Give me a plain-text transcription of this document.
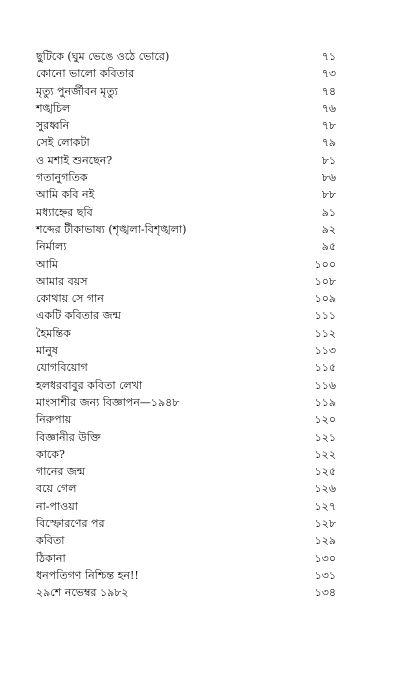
ছুটিকে (ঘুম ভেঙে ওঠে ভোরে)	৭১
কোনো ভালো কবিতার	৭৩
মৃত্যু পুনর্জীবন মৃত্যু	৭৪
শঙ্খচিল	৭৬
সুরধ্বনি	৭৮
সেই লোকটা	৭৯
ও মশাই শুনছেন?	৮১
গতানুগতিক	৮৬
আমি কবি নই	৮৮
মধ্যাহ্নের ছবি	৯১
শব্দের টীকাভাষ্য (শৃঙ্খলা-বিশৃঙ্খলা)	৯২
নির্মাল্য	৯৫
আমি	১০০
আমার বয়স	১০৮
কোথায় সে গান	১০৯
একটি কবিতার জন্ম	১১১
হৈমন্তিক	১১২
মানুষ	১১৩
যোগবিয়োগ	১১৫
হলধরবাবুর কবিতা লেখা	১১৬
মাংসাশীর জন্য বিজ্ঞাপন—১৯৪৮	১১৯
নিরুপায়	১২০
বিজ্ঞানীর উক্তি	১২১
কাকে?	১২২
গানের জন্ম	১২৫
বয়ে গেল	১২৬
না-পাওয়া	১২৭
বিস্ফোরণের পর	১২৮
কবিতা	১২৯
ঠিকানা	১৩০
ধনপতিগণ নিশ্চিন্ত হন!!	১৩১
২৯শে নভেম্বর ১৯৮২	১৩৪
